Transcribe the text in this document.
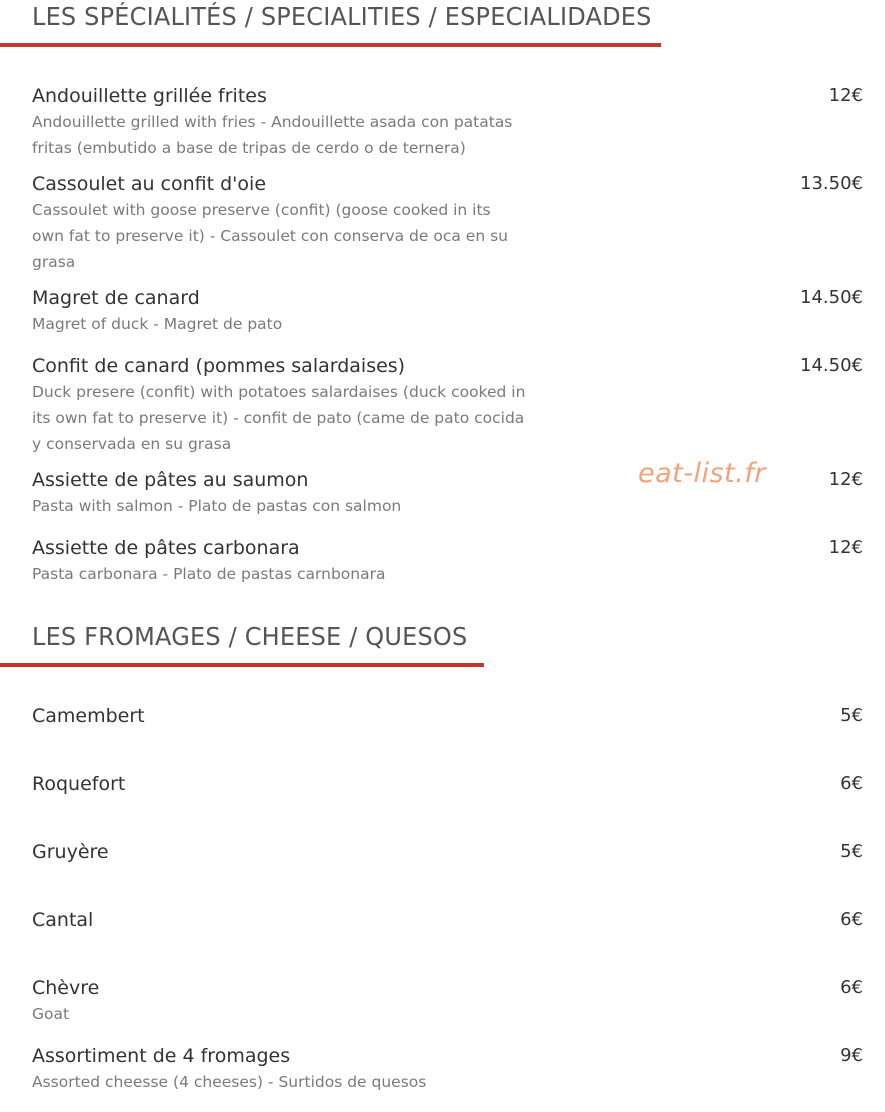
LES SPÉCIALITÉS / SPECIALITIES / ESPECIALIDADES
Andouillette grillée frites	12€
Andouillette grilled with fries - Andouillette asada con patatas fritas (embutido a base de tripas de cerdo o de ternera)
Cassoulet au confit d'oie	13.50€
Cassoulet with goose preserve (confit) (goose cooked in its own fat to preserve it) - Cassoulet con conserva de oca en su grasa
Magret de canard	14.50€
Magret of duck - Magret de pato
Confit de canard (pommes salardaises)	14.50€
Duck presere (confit) with potatoes salardaises (duck cooked in its own fat to preserve it) - confit de pato (came de pato cocida y conservada en su grasa
Assiette de pâtes au saumon	12€
Pasta with salmon - Plato de pastas con salmon
Assiette de pâtes carbonara	12€
Pasta carbonara - Plato de pastas carnbonara
eat-list.fr
LES FROMAGES / CHEESE / QUESOS
Camembert	5€
Roquefort	6€
Gruyère	5€
Cantal	6€
Chèvre	6€
Goat
Assortiment de 4 fromages	9€
Assorted cheesse (4 cheeses) - Surtidos de quesos
